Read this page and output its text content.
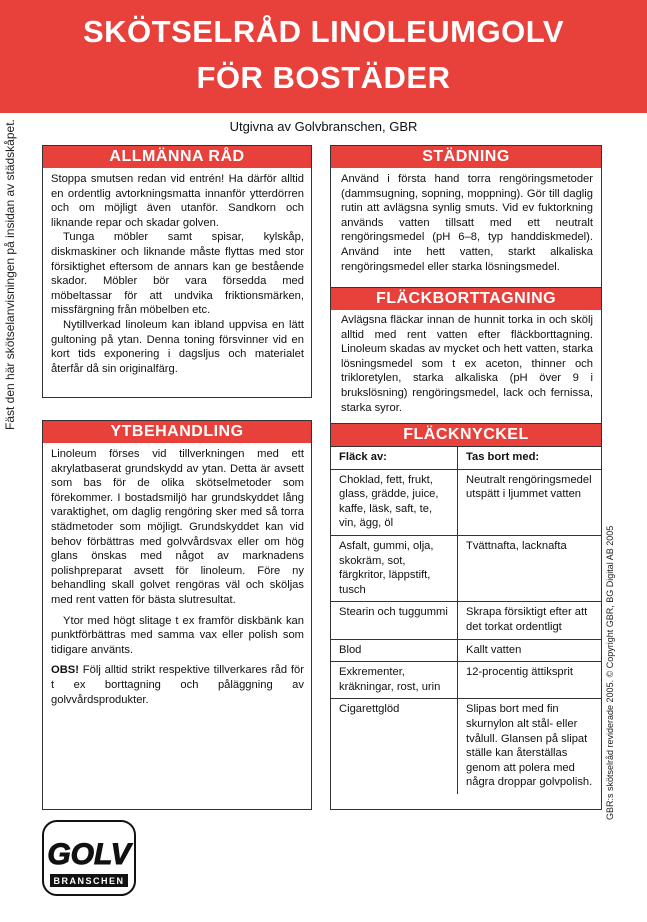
SKÖTSELRÅD LINOLEUMGOLV
FÖR BOSTÄDER
Utgivna av Golvbranschen, GBR
Fäst den här skötselanvisningen på insidan av städskåpet.	ALLMÄNNA RÅD

Stoppa smutsen redan vid entrén! Ha därför alltid en ordentlig avtorkningsmatta innanför ytterdörren och om möjligt även utanför. Sandkorn och liknande repar och skadar golven.

Tunga möbler samt spisar, kylskåp, diskmaskiner och liknande måste flyttas med stor försiktighet eftersom de annars kan ge bestående skador. Möbler bör vara försedda med möbeltassar för att undvika friktionsmärken, missfärgning från möbelben etc.

Nytillverkad linoleum kan ibland uppvisa en lätt gultoning på ytan. Denna toning försvinner vid en kort tids exponering i dagsljus och materialet återfår då sin originalfärg.

YTBEHANDLING

Linoleum förses vid tillverkningen med ett akrylatbaserat grundskydd av ytan. Detta är avsett som bas för de olika skötselmetoder som förekommer. I bostadsmiljö har grundskyddet lång varaktighet, om daglig rengöring sker med så torra städmetoder som möjligt. Grundskyddet kan vid behov förbättras med golvvårdsvax eller om hög glans önskas med något av marknadens polishpreparat avsett för linoleum. Före ny behandling skall golvet rengöras väl och sköljas med rent vatten för bästa slutresultat.

Ytor med högt slitage t ex framför diskbänk kan punktförbättras med samma vax eller polish som tidigare använts.

OBS! Följ alltid strikt respektive tillverkares råd för t ex borttagning och påläggning av golvvårdsprodukter.

STÄDNING

Använd i första hand torra rengöringsmetoder (dammsugning, sopning, moppning). Gör till daglig rutin att avlägsna synlig smuts. Vid ev fuktorkning används vatten tillsatt med ett neutralt rengöringsmedel (pH 6–8, typ handdiskmedel). Använd inte hett vatten, starkt alkaliska rengöringsmedel eller starka lösningsmedel.

FLÄCKBORTTAGNING

Avlägsna fläckar innan de hunnit torka in och skölj alltid med rent vatten efter fläckborttagning. Linoleum skadas av mycket och hett vatten, starka lösningsmedel som t ex aceton, thinner och trikloretylen, starka alkaliska (pH över 9 i brukslösning) rengöringsmedel, lack och fernissa, starka syror.

FLÄCKNYCKEL
Fläck av:	Tas bort med:
Choklad, fett, frukt, glass, grädde, juice, kaffe, läsk, saft, te, vin, ägg, öl	Neutralt rengöringsmedel utspätt i ljummet vatten
Asfalt, gummi, olja, skokräm, sot, färgkritor, läppstift, tusch	Tvättnafta, lacknafta
Stearin och tuggummi	Skrapa försiktigt efter att det torkat ordentligt
Blod	Kallt vatten
Exkrementer, kräkningar, rost, urin	12-procentig ättiksprit
Cigarettglöd	Slipas bort med fin skurnylon alt stål- eller tvålull. Glansen på slipat ställe kan återställas genom att polera med några droppar golvpolish. GBR:s skötselråd reviderade 2005. © Copyright GBR, BG Digital AB 2005
GOLV
BRANSCHEN
